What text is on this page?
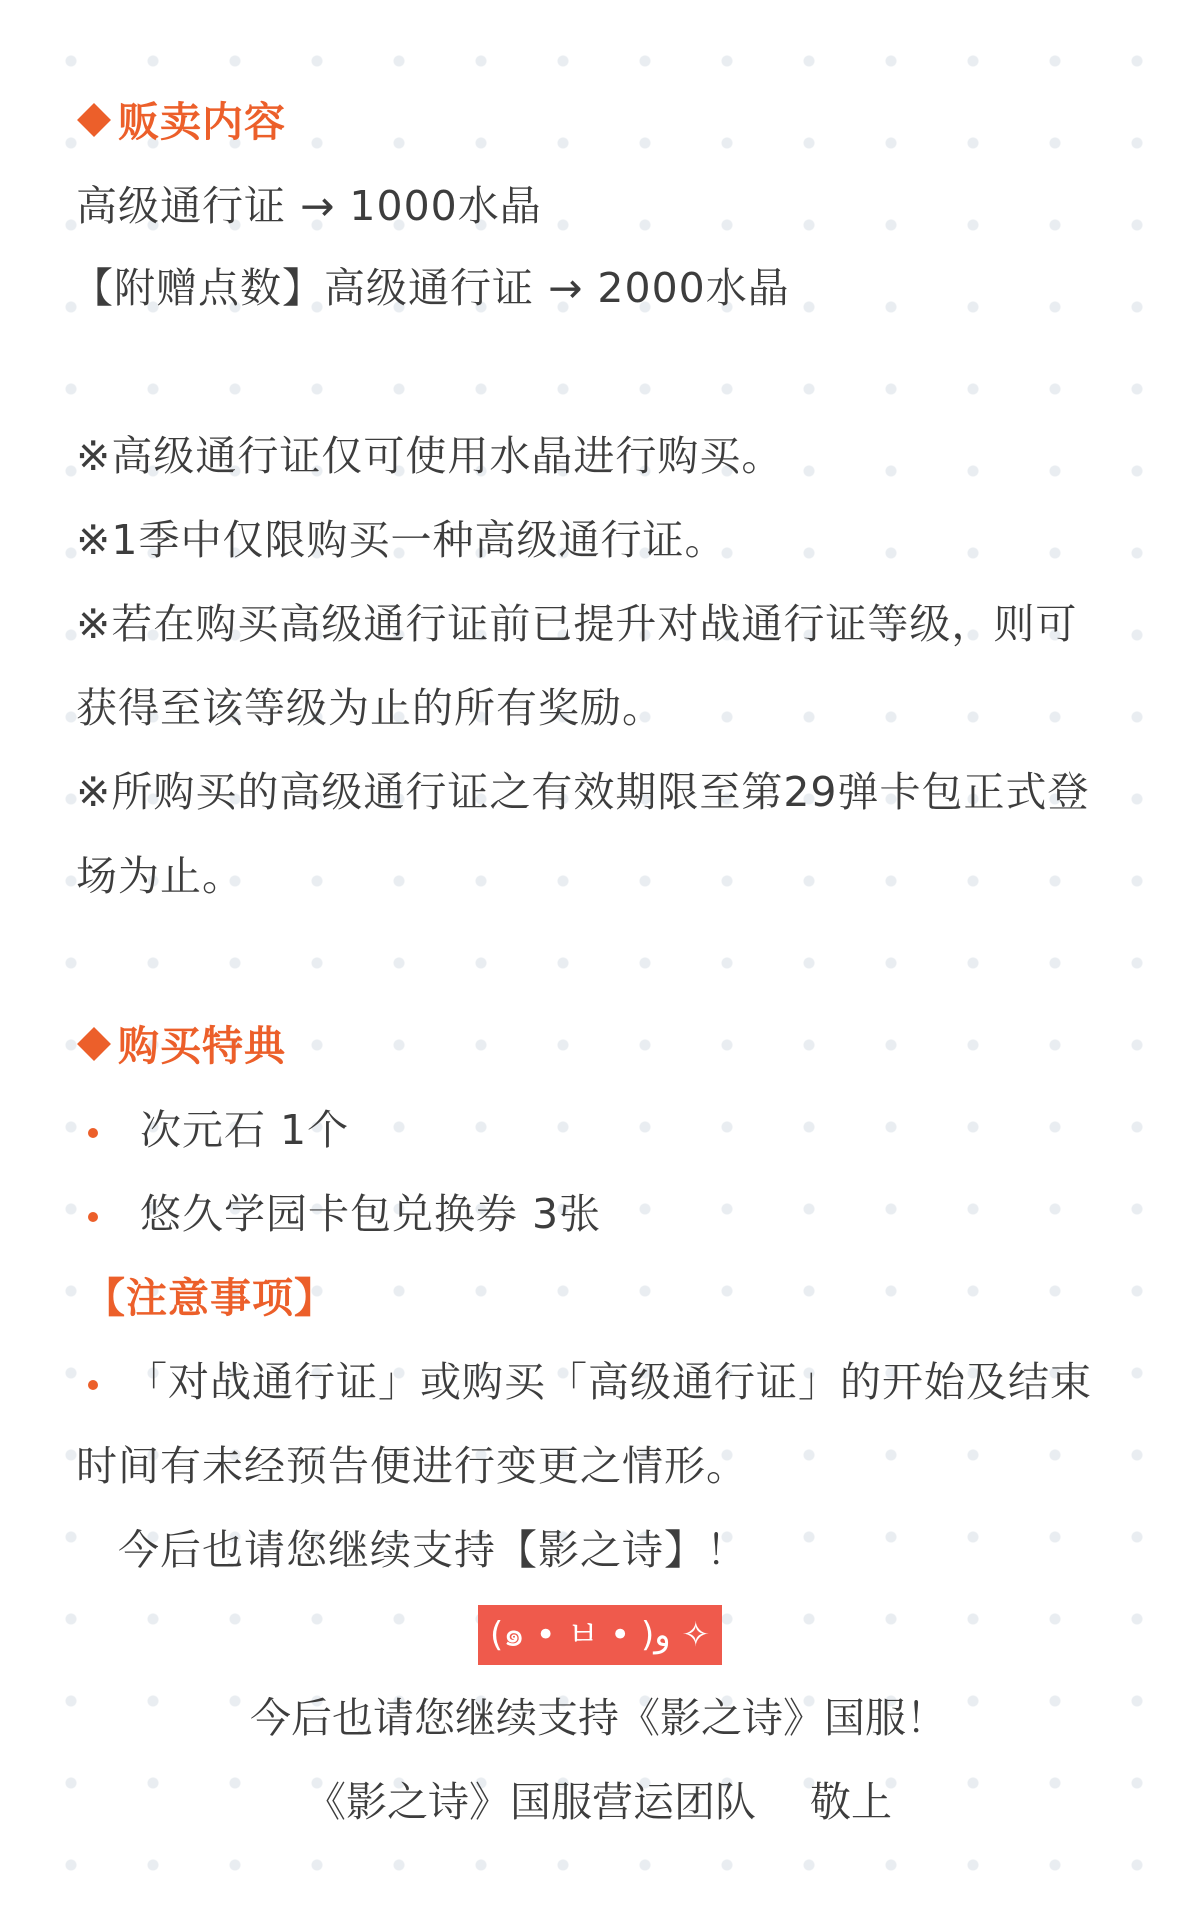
贩卖内容
高级通行证 → 1000水晶
【附赠点数】高级通行证 → 2000水晶
※高级通行证仅可使用水晶进行购买。
※1季中仅限购买一种高级通行证。
※若在购买高级通行证前已提升对战通行证等级，则可
获得至该等级为止的所有奖励。
※所购买的高级通行证之有效期限至第29弹卡包正式登
场为止。
购买特典
次元石 1个
悠久学园卡包兑换券 3张
【注意事项】
「对战通行证」或购买「高级通行证」的开始及结束
时间有未经预告便进行变更之情形。
今后也请您继续支持【影之诗】！
(๑ • ㅂ • )و ✧
今后也请您继续支持《影之诗》国服！
《影之诗》国服营运团队　 敬上
